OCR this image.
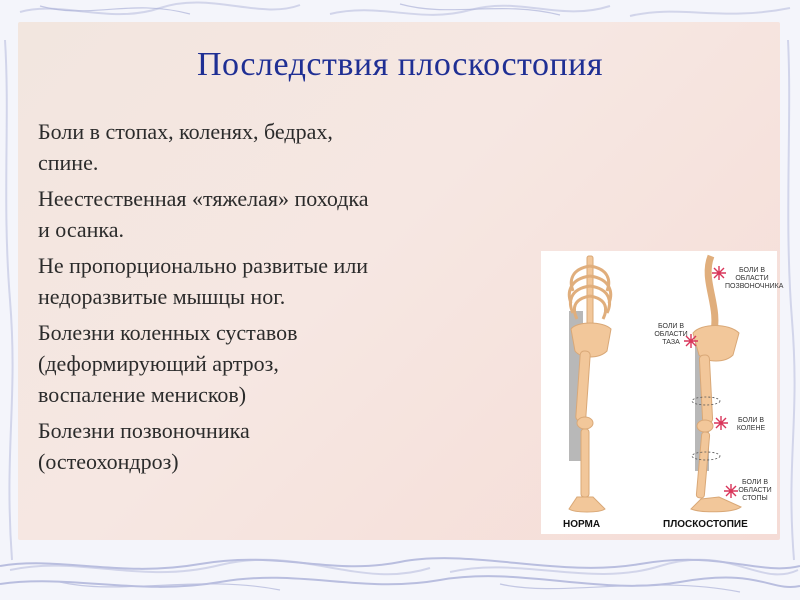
Последствия плоскостопия
Боли в стопах, коленях, бедрах,
спине.
Неестественная «тяжелая» походка
и осанка.
Не пропорционально развитые или
недоразвитые мышцы ног.
Болезни коленных суставов
(деформирующий артроз,
воспаление менисков)
Болезни позвоночника
(остеохондроз)
БОЛИ В ОБЛАСТИ
ПОЗВОНОЧНИКА
БОЛИ В
ОБЛАСТИ
ТАЗА
БОЛИ В
КОЛЕНЕ
БОЛИ В
ОБЛАСТИ
СТОПЫ
НОРМА	ПЛОСКОСТОПИЕ
